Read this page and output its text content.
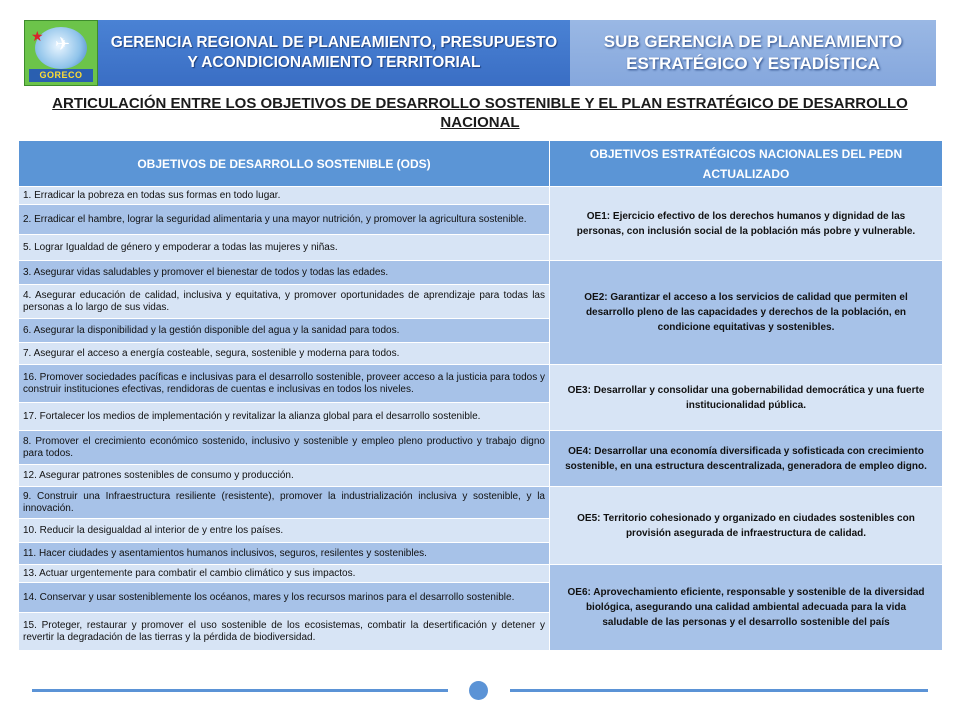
★ ✈
GORECO
GERENCIA REGIONAL DE PLANEAMIENTO, PRESUPUESTO Y ACONDICIONAMIENTO TERRITORIAL
SUB GERENCIA DE PLANEAMIENTO ESTRATÉGICO Y ESTADÍSTICA
ARTICULACIÓN ENTRE LOS OBJETIVOS DE DESARROLLO SOSTENIBLE Y EL PLAN ESTRATÉGICO DE DESARROLLO NACIONAL
OBJETIVOS DE DESARROLLO SOSTENIBLE (ODS)	OBJETIVOS ESTRATÉGICOS NACIONALES DEL PEDN ACTUALIZADO
1. Erradicar la pobreza en todas sus formas en todo lugar.	OE1: Ejercicio efectivo de los derechos humanos y dignidad de las personas, con inclusión social de la población más pobre y vulnerable.
2. Erradicar el hambre, lograr la seguridad alimentaria y una mayor nutrición, y promover la agricultura sostenible.	
5. Lograr Igualdad de género y empoderar a todas las mujeres y niñas.	
3. Asegurar vidas saludables y promover el bienestar de todos y todas las edades.	OE2: Garantizar el acceso a los servicios de calidad que permiten el desarrollo pleno de las capacidades y derechos de la población, en condicione equitativas y sostenibles.
4. Asegurar educación de calidad, inclusiva y equitativa, y promover oportunidades de aprendizaje para todas las personas a lo largo de sus vidas.	
6. Asegurar la disponibilidad y la gestión disponible del agua y la sanidad para todos.	
7. Asegurar el acceso a energía costeable, segura, sostenible y moderna para todos.	
16. Promover sociedades pacíficas e inclusivas para el desarrollo sostenible, proveer acceso a la justicia para todos y construir instituciones efectivas, rendidoras de cuentas e inclusivas en todos los niveles.	OE3: Desarrollar y consolidar una gobernabilidad democrática y una fuerte institucionalidad pública.
17. Fortalecer los medios de implementación y revitalizar la alianza global para el desarrollo sostenible.	
8. Promover el crecimiento económico sostenido, inclusivo y sostenible y empleo pleno productivo y trabajo digno para todos.	OE4: Desarrollar una economía diversificada y sofisticada con crecimiento sostenible, en una estructura descentralizada, generadora de empleo digno.
12. Asegurar patrones sostenibles de consumo y producción.	
9. Construir una Infraestructura resiliente (resistente), promover la industrialización inclusiva y sostenible, y la innovación.	OE5: Territorio cohesionado y organizado en ciudades sostenibles con provisión asegurada de infraestructura de calidad.
10. Reducir la desigualdad al interior de y entre los países.	
11. Hacer ciudades y asentamientos humanos inclusivos, seguros, resilentes y sostenibles.	
13. Actuar urgentemente para combatir el cambio climático y sus impactos.	OE6: Aprovechamiento eficiente, responsable y sostenible de la diversidad biológica, asegurando una calidad ambiental adecuada para la vida saludable de las personas y el desarrollo sostenible del país
14. Conservar y usar sosteniblemente los océanos, mares y los recursos marinos para el desarrollo sostenible.	
15. Proteger, restaurar y promover el uso sostenible de los ecosistemas, combatir la desertificación y detener y revertir la degradación de las tierras y la pérdida de biodiversidad.	
